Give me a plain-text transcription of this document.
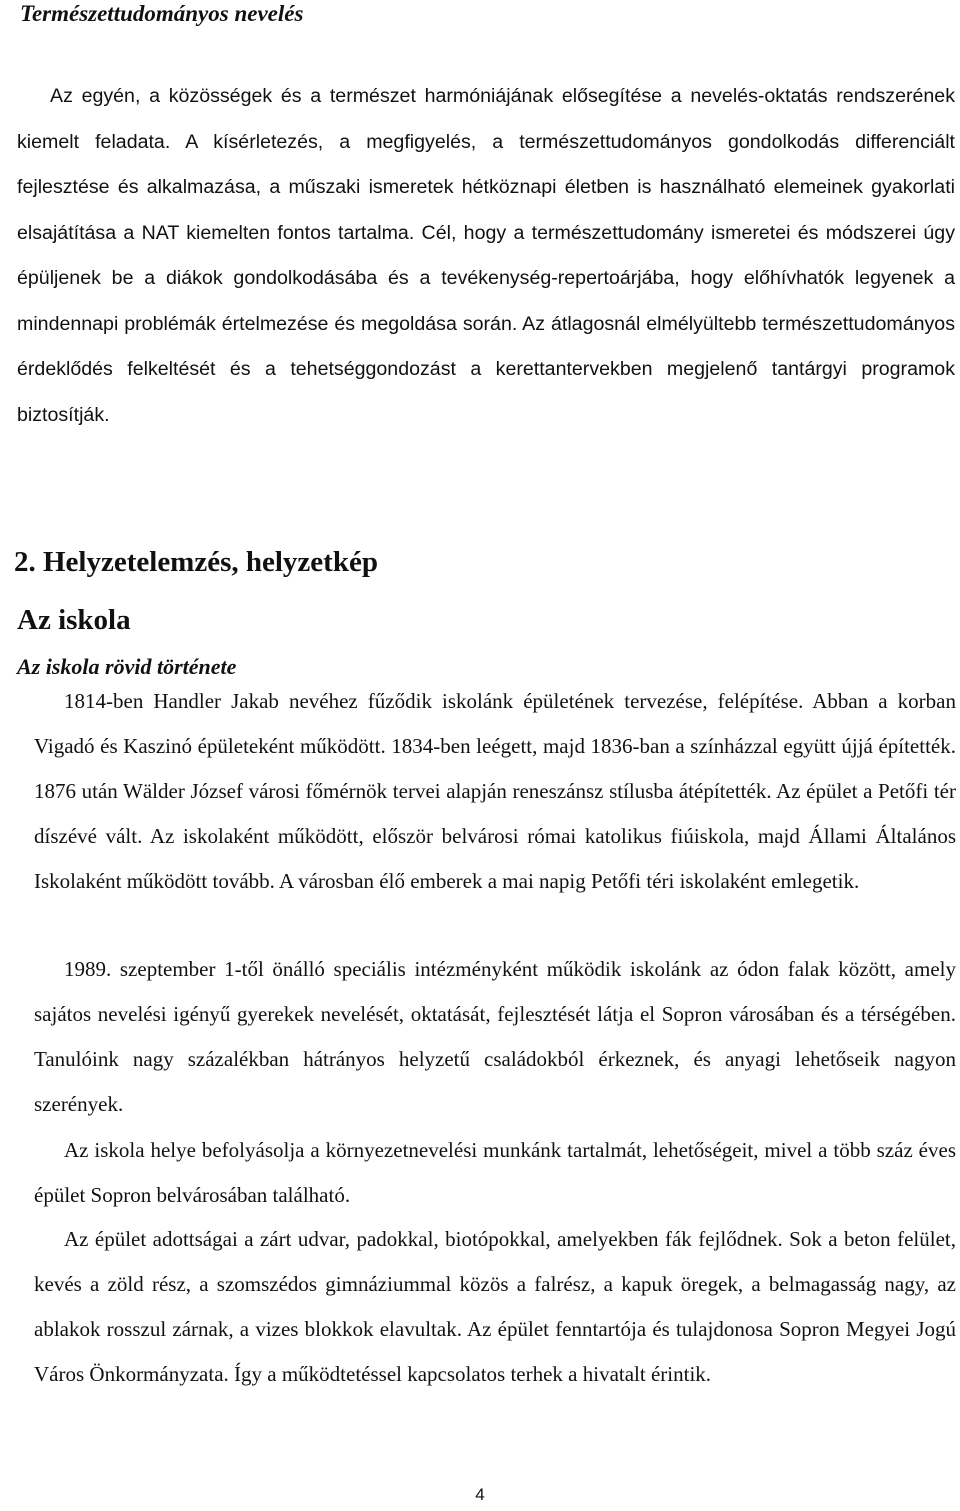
Természettudományos nevelés

Az egyén, a közösségek és a természet harmóniájának elősegítése a nevelés-oktatás rendszerének kiemelt feladata. A kísérletezés, a megfigyelés, a természettudományos gondolkodás differenciált fejlesztése és alkalmazása, a műszaki ismeretek hétköznapi életben is használható elemeinek gyakorlati elsajátítása a NAT kiemelten fontos tartalma. Cél, hogy a természettudomány ismeretei és módszerei úgy épüljenek be a diákok gondolkodásába és a tevékenység-repertoárjába, hogy előhívhatók legyenek a mindennapi problémák értelmezése és megoldása során. Az átlagosnál elmélyültebb természettudományos érdeklődés felkeltését és a tehetséggondozást a kerettantervekben megjelenő tantárgyi programok biztosítják.

2. Helyzetelemzés, helyzetkép
Az iskola
Az iskola rövid története

1814-ben Handler Jakab nevéhez fűződik iskolánk épületének tervezése, felépítése. Abban a korban Vigadó és Kaszinó épületeként működött. 1834-ben leégett, majd 1836-ban a színházzal együtt újjá építették. 1876 után Wälder József városi főmérnök tervei alapján reneszánsz stílusba átépítették. Az épület a Petőfi tér díszévé vált. Az iskolaként működött, először belvárosi római katolikus fiúiskola, majd Állami Általános Iskolaként működött tovább. A városban élő emberek a mai napig Petőfi téri iskolaként emlegetik.

1989. szeptember 1-től önálló speciális intézményként működik iskolánk az ódon falak között, amely sajátos nevelési igényű gyerekek nevelését, oktatását, fejlesztését látja el Sopron városában és a térségében. Tanulóink nagy százalékban hátrányos helyzetű családokból érkeznek, és anyagi lehetőseik nagyon szerények.

Az iskola helye befolyásolja a környezetnevelési munkánk tartalmát, lehetőségeit, mivel a több száz éves épület Sopron belvárosában található.

Az épület adottságai a zárt udvar, padokkal, biotópokkal, amelyekben fák fejlődnek. Sok a beton felület, kevés a zöld rész, a szomszédos gimnáziummal közös a falrész, a kapuk öregek, a belmagasság nagy, az ablakok rosszul zárnak, a vizes blokkok elavultak. Az épület fenntartója és tulajdonosa Sopron Megyei Jogú Város Önkormányzata. Így a működtetéssel kapcsolatos terhek a hivatalt érintik.

4
